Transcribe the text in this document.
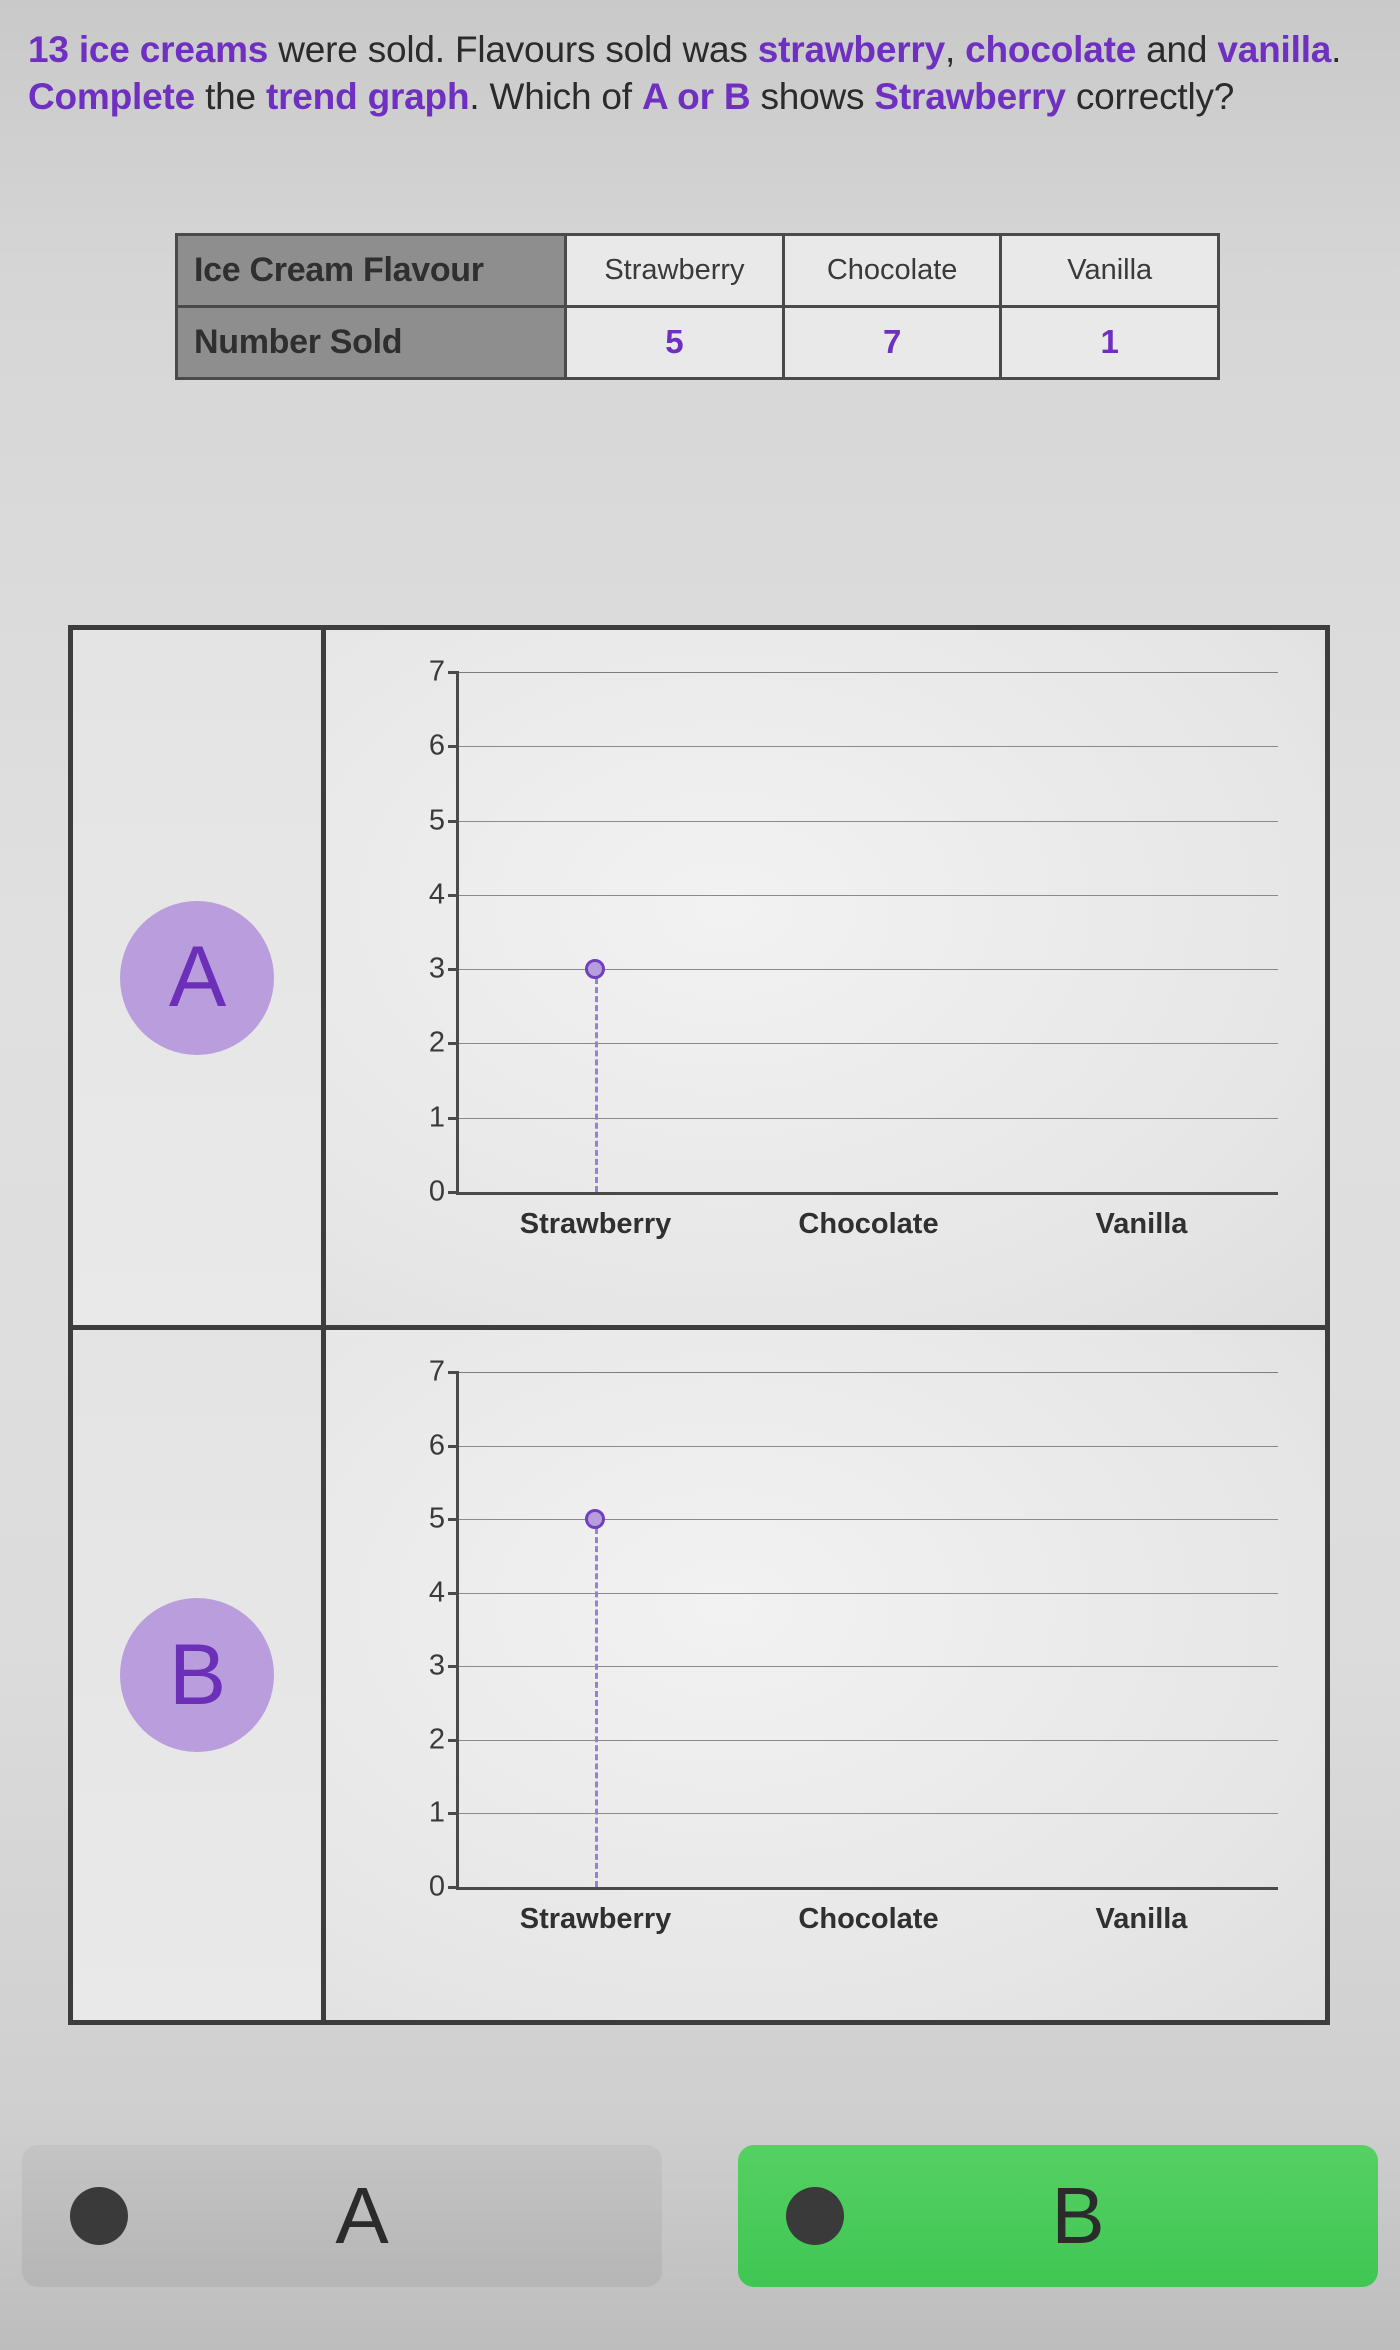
13 ice creams were sold. Flavours sold was strawberry, chocolate and vanilla. Complete the trend graph. Which of A or B shows Strawberry correctly?
Ice Cream Flavour	Strawberry	Chocolate	Vanilla
Number Sold	5	7	1
A
0
1
2
3
4
5
6
7
Strawberry	Chocolate	Vanilla
B
0
1
2
3
4
5
6
7
Strawberry	Chocolate	Vanilla
A	B
